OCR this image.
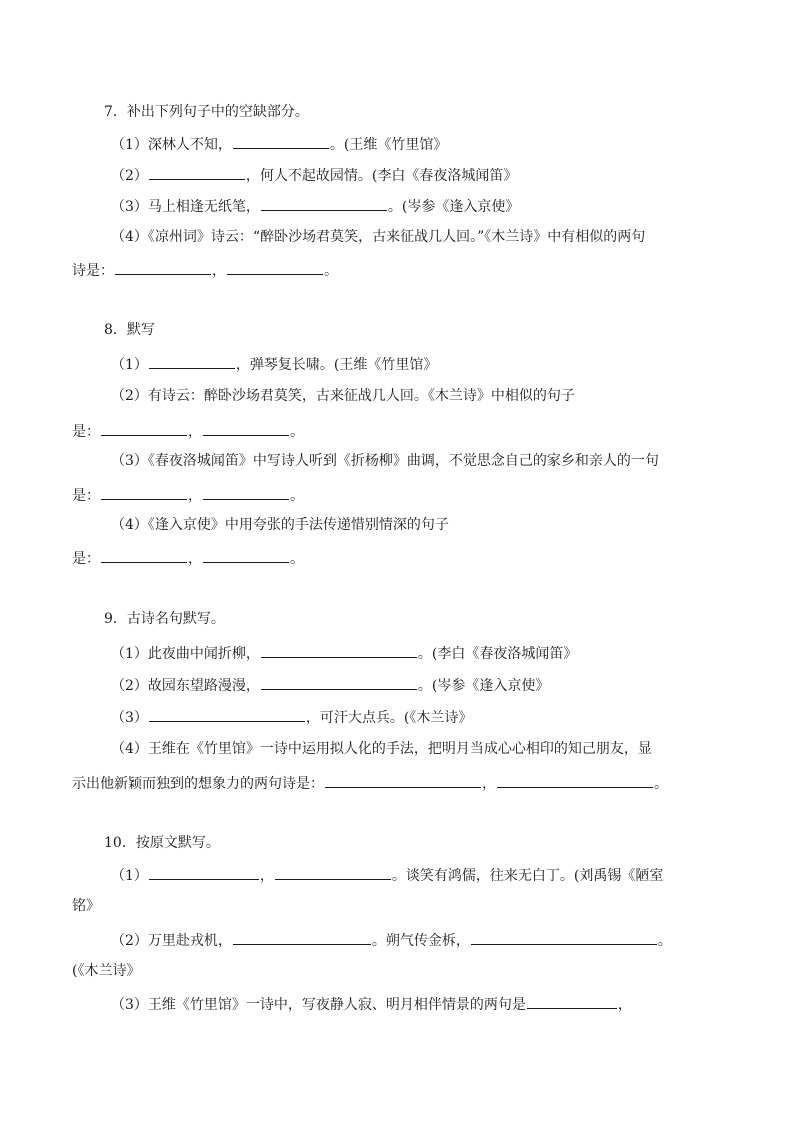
7．补出下列句子中的空缺部分。
（1）深林人不知，	。(王维《竹里馆》
（2）	，何人不起故园情。(李白《春夜洛城闻笛》
（3）马上相逢无纸笔，	。(岑参《逢入京使》
（4）《凉州词》诗云：“醉卧沙场君莫笑，古来征战几人回。”《木兰诗》中有相似的两句
诗是：	，	。
8．默写
（1）	，弹琴复长啸。(王维《竹里馆》
（2）有诗云：醉卧沙场君莫笑，古来征战几人回。《木兰诗》中相似的句子
是：	，	。
（3）《春夜洛城闻笛》中写诗人听到《折杨柳》曲调，不觉思念自己的家乡和亲人的一句
是：	，	。
（4）《逢入京使》中用夸张的手法传递惜别情深的句子
是：	，	。
9．古诗名句默写。
（1）此夜曲中闻折柳，	。(李白《春夜洛城闻笛》
（2）故园东望路漫漫，	。(岑参《逢入京使》
（3）	，可汗大点兵。(《木兰诗》
（4）王维在《竹里馆》一诗中运用拟人化的手法，把明月当成心心相印的知己朋友，显
示出他新颖而独到的想象力的两句诗是：	，	。
10．按原文默写。
（1）	，	。谈笑有鸿儒，往来无白丁。(刘禹锡《陋室
铭》
（2）万里赴戎机，	。朔气传金柝，	。
(《木兰诗》
（3）王维《竹里馆》一诗中，写夜静人寂、明月相伴情景的两句是	，
